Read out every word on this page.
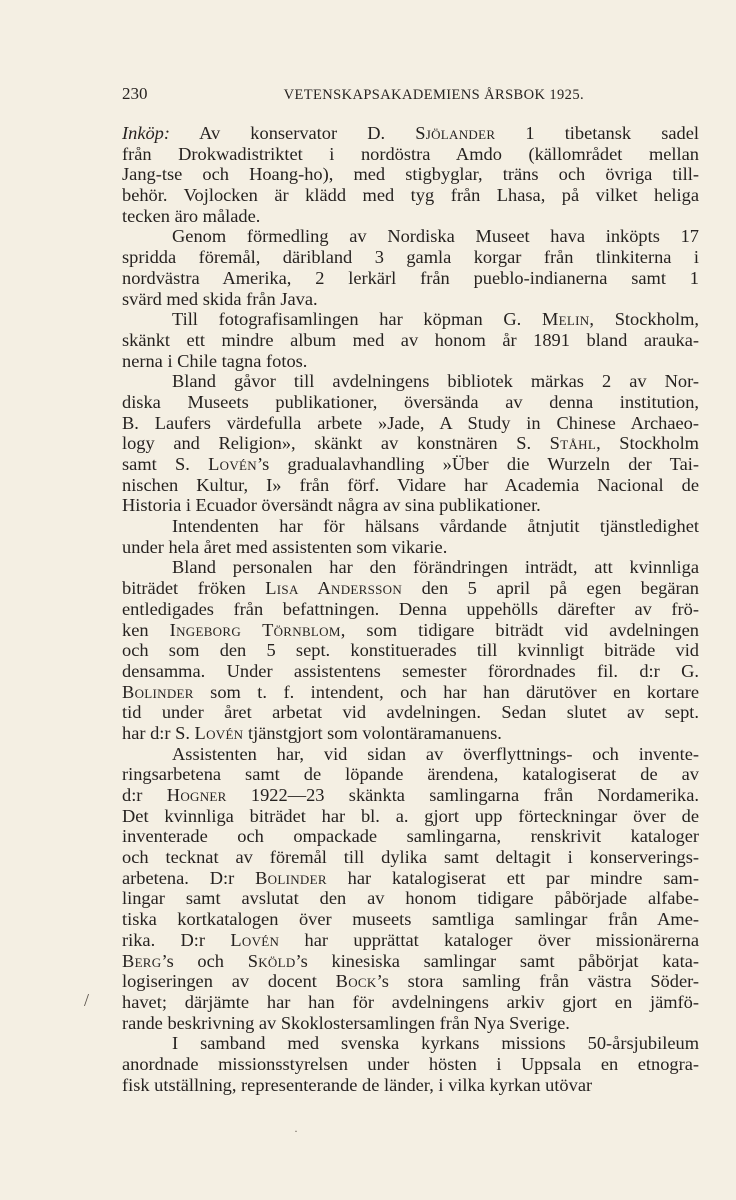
230	VETENSKAPSAKADEMIENS ÅRSBOK 1925.
Inköp: Av konservator D. Sjölander 1 tibetansk sadel
från Drokwadistriktet i nordöstra Amdo (källområdet mellan
Jang-tse och Hoang-ho), med stigbyglar, träns och övriga till-
behör. Vojlocken är klädd med tyg från Lhasa, på vilket heliga
tecken äro målade.
Genom förmedling av Nordiska Museet hava inköpts 17
spridda föremål, däribland 3 gamla korgar från tlinkiterna i
nordvästra Amerika, 2 lerkärl från pueblo-indianerna samt 1
svärd med skida från Java.
Till fotografisamlingen har köpman G. Melin, Stockholm,
skänkt ett mindre album med av honom år 1891 bland arauka-
nerna i Chile tagna fotos.
Bland gåvor till avdelningens bibliotek märkas 2 av Nor-
diska Museets publikationer, översända av denna institution,
B. Laufers värdefulla arbete »Jade, A Study in Chinese Archaeo-
logy and Religion», skänkt av konstnären S. Ståhl, Stockholm
samt S. Lovén’s gradualavhandling »Über die Wurzeln der Tai-
nischen Kultur, I» från förf. Vidare har Academia Nacional de
Historia i Ecuador översändt några av sina publikationer.
Intendenten har för hälsans vårdande åtnjutit tjänstledighet
under hela året med assistenten som vikarie.
Bland personalen har den förändringen inträdt, att kvinnliga
biträdet fröken Lisa Andersson den 5 april på egen begäran
entledigades från befattningen. Denna uppehölls därefter av frö-
ken Ingeborg Törnblom, som tidigare biträdt vid avdelningen
och som den 5 sept. konstituerades till kvinnligt biträde vid
densamma. Under assistentens semester förordnades fil. d:r G.
Bolinder som t. f. intendent, och har han därutöver en kortare
tid under året arbetat vid avdelningen. Sedan slutet av sept.
har d:r S. Lovén tjänstgjort som volontäramanuens.
Assistenten har, vid sidan av överflyttnings- och invente-
ringsarbetena samt de löpande ärendena, katalogiserat de av
d:r Hogner 1922—23 skänkta samlingarna från Nordamerika.
Det kvinnliga biträdet har bl. a. gjort upp förteckningar över de
inventerade och ompackade samlingarna, renskrivit kataloger
och tecknat av föremål till dylika samt deltagit i konserverings-
arbetena. D:r Bolinder har katalogiserat ett par mindre sam-
lingar samt avslutat den av honom tidigare påbörjade alfabe-
tiska kortkatalogen över museets samtliga samlingar från Ame-
rika. D:r Lovén har upprättat kataloger över missionärerna
Berg’s och Sköld’s kinesiska samlingar samt påbörjat kata-
logiseringen av docent Bock’s stora samling från västra Söder-
havet; därjämte har han för avdelningens arkiv gjort en jämfö-
rande beskrivning av Skoklostersamlingen från Nya Sverige.
I samband med svenska kyrkans missions 50-årsjubileum
anordnade missionsstyrelsen under hösten i Uppsala en etnogra-
fisk utställning, representerande de länder, i vilka kyrkan utövar
/
·
